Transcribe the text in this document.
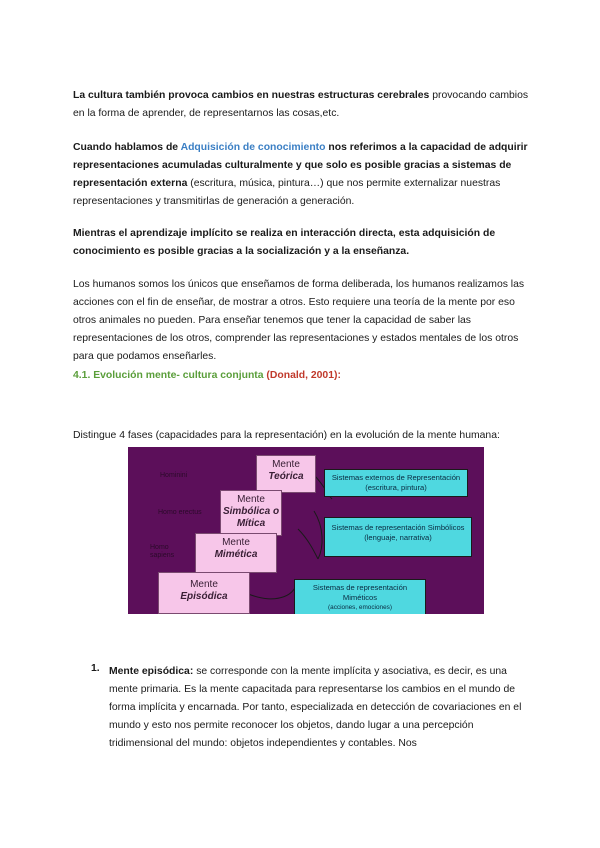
La cultura también provoca cambios en nuestras estructuras cerebrales provocando cambios en la forma de aprender, de representarnos las cosas,etc.

Cuando hablamos de Adquisición de conocimiento nos referimos a la capacidad de adquirir representaciones acumuladas culturalmente y que solo es posible gracias a sistemas de representación externa (escritura, música, pintura…) que nos permite externalizar nuestras representaciones y transmitirlas de generación a generación.

Mientras el aprendizaje implícito se realiza en interacción directa, esta adquisición de conocimiento es posible gracias a la socialización y a la enseñanza.

Los humanos somos los únicos que enseñamos de forma deliberada, los humanos realizamos las acciones con el fin de enseñar, de mostrar a otros. Esto requiere una teoría de la mente por eso otros animales no pueden. Para enseñar tenemos que tener la capacidad de saber las representaciones de los otros, comprender las representaciones y estados mentales de los otros para que podamos enseñarles.

4.1. Evolución mente- cultura conjunta (Donald, 2001):

Distingue 4 fases (capacidades para la representación) en la evolución de la mente humana:

Hominini
Homo erectus
Homo
sapiens
Mente
Teórica
Mente
Simbólica o Mítica
Mente
Mimética
Mente
Episódica
Sistemas externos de Representación (escritura, pintura)
Sistemas de representación Simbólicos (lenguaje, narrativa)
Sistemas de representación Miméticos
(acciones, emociones)
1. Mente episódica: se corresponde con la mente implícita y asociativa, es decir, es una mente primaria. Es la mente capacitada para representarse los cambios en el mundo de forma implícita y encarnada. Por tanto, especializada en detección de covariaciones en el mundo y esto nos permite reconocer los objetos, dando lugar a una percepción tridimensional del mundo: objetos independientes y contables. Nos
